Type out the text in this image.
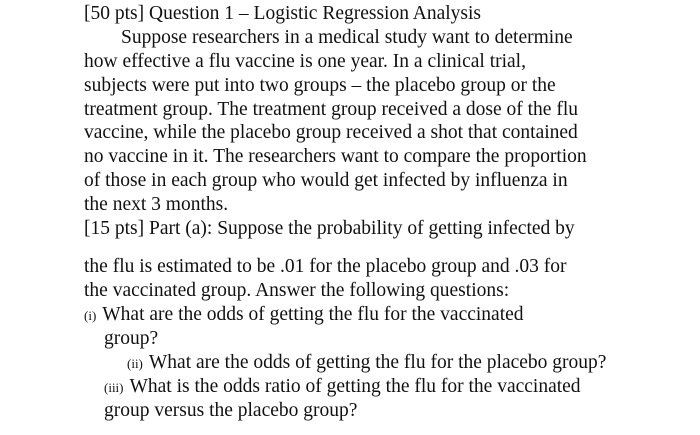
[50 pts] Question 1 – Logistic Regression Analysis
Suppose researchers in a medical study want to determine
how effective a flu vaccine is one year. In a clinical trial,
subjects were put into two groups – the placebo group or the
treatment group. The treatment group received a dose of the flu
vaccine, while the placebo group received a shot that contained
no vaccine in it. The researchers want to compare the proportion
of those in each group who would get infected by influenza in
the next 3 months.
[15 pts] Part (a): Suppose the probability of getting infected by
the flu is estimated to be .01 for the placebo group and .03 for
the vaccinated group. Answer the following questions:
(i) What are the odds of getting the flu for the vaccinated
group?
(ii) What are the odds of getting the flu for the placebo group?
(iii) What is the odds ratio of getting the flu for the vaccinated
group versus the placebo group?
